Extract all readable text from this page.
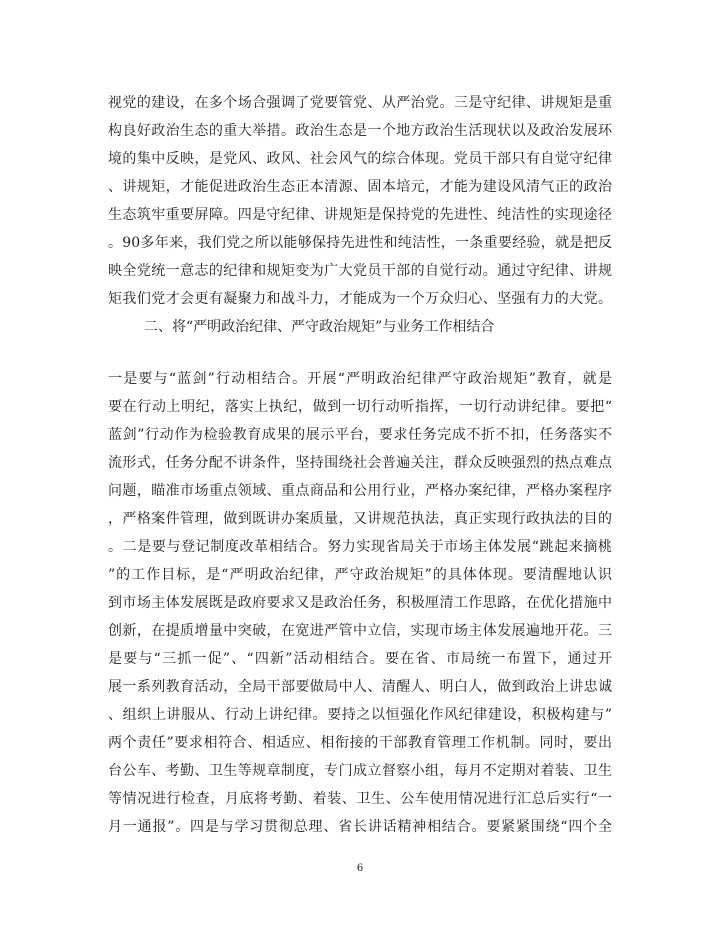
视党的建设，在多个场合强调了党要管党、从严治党。三是守纪律、讲规矩是重
构良好政治生态的重大举措。政治生态是一个地方政治生活现状以及政治发展环
境的集中反映，是党风、政风、社会风气的综合体现。党员干部只有自觉守纪律
、讲规矩，才能促进政治生态正本清源、固本培元，才能为建设风清气正的政治
生态筑牢重要屏障。四是守纪律、讲规矩是保持党的先进性、纯洁性的实现途径
。90多年来，我们党之所以能够保持先进性和纯洁性，一条重要经验，就是把反
映全党统一意志的纪律和规矩变为广大党员干部的自觉行动。通过守纪律、讲规
矩我们党才会更有凝聚力和战斗力，才能成为一个万众归心、坚强有力的大党。
二、将“严明政治纪律、严守政治规矩”与业务工作相结合
一是要与“蓝剑”行动相结合。开展“严明政治纪律严守政治规矩”教育，就是
要在行动上明纪，落实上执纪，做到一切行动听指挥，一切行动讲纪律。要把“
蓝剑”行动作为检验教育成果的展示平台，要求任务完成不折不扣，任务落实不
流形式，任务分配不讲条件，坚持围绕社会普遍关注，群众反映强烈的热点难点
问题，瞄准市场重点领域、重点商品和公用行业，严格办案纪律，严格办案程序
，严格案件管理，做到既讲办案质量，又讲规范执法，真正实现行政执法的目的
。二是要与登记制度改革相结合。努力实现省局关于市场主体发展“跳起来摘桃
”的工作目标，是“严明政治纪律，严守政治规矩”的具体体现。要清醒地认识
到市场主体发展既是政府要求又是政治任务，积极厘清工作思路，在优化措施中
创新，在提质增量中突破，在宽进严管中立信，实现市场主体发展遍地开花。三
是要与“三抓一促”、“四新”活动相结合。要在省、市局统一布置下，通过开
展一系列教育活动，全局干部要做局中人、清醒人、明白人，做到政治上讲忠诚
、组织上讲服从、行动上讲纪律。要持之以恒强化作风纪律建设，积极构建与”
两个责任”要求相符合、相适应、相衔接的干部教育管理工作机制。同时，要出
台公车、考勤、卫生等规章制度，专门成立督察小组，每月不定期对着装、卫生
等情况进行检查，月底将考勤、着装、卫生、公车使用情况进行汇总后实行“一
月一通报”。四是与学习贯彻总理、省长讲话精神相结合。要紧紧围绕“四个全
6
